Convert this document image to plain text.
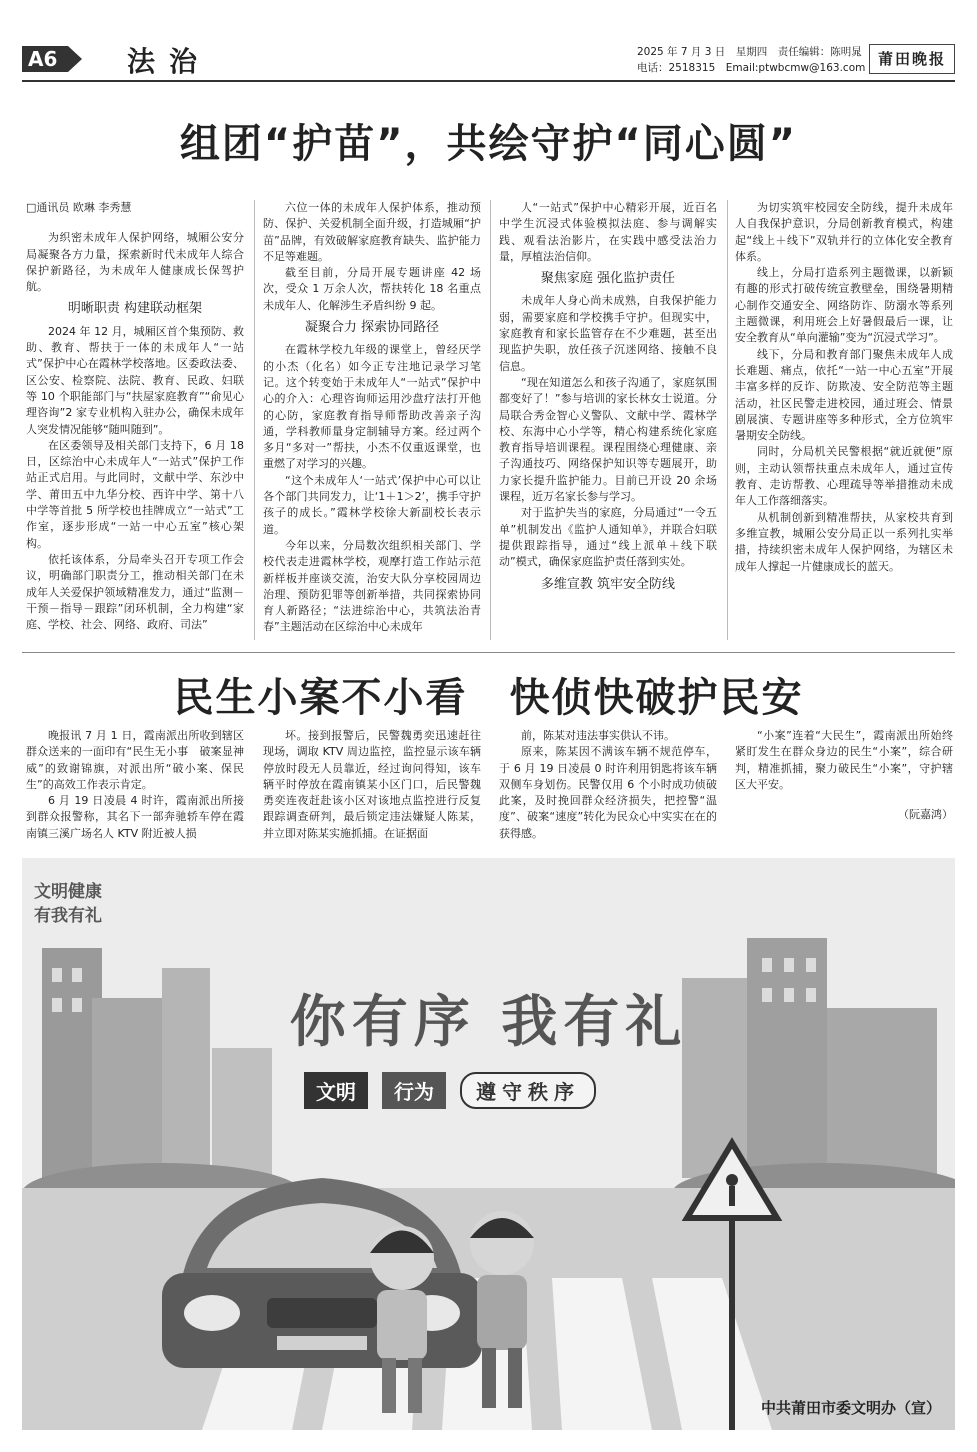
A6	法治	2025 年 7 月 3 日　星期四　责任编辑：陈明晁
电话：2518315　Email:ptwbcmw@163.com 莆田晚报
组团“护苗”，共绘守护“同心圆”

□通讯员 欧琳 李秀慧

为织密未成年人保护网络，城厢公安分局凝聚各方力量，探索新时代未成年人综合保护新路径，为未成年人健康成长保驾护航。

明晰职责 构建联动框架

2024 年 12 月，城厢区首个集预防、救助、教育、帮扶于一体的未成年人“一站式”保护中心在霞林学校落地。区委政法委、区公安、检察院、法院、教育、民政、妇联等 10 个职能部门与“扶屋家庭教育”“俞见心理咨询”2 家专业机构入驻办公，确保未成年人突发情况能够“随叫随到”。

在区委领导及相关部门支持下，6 月 18 日，区综治中心未成年人“一站式”保护工作站正式启用。与此同时，文献中学、东沙中学、莆田五中九华分校、西许中学、第十八中学等首批 5 所学校也挂牌成立“一站式”工作室，逐步形成“一站一中心五室”核心架构。

依托该体系，分局牵头召开专项工作会议，明确部门职责分工，推动相关部门在未成年人关爱保护领域精准发力，通过“监测－干预－指导－跟踪”闭环机制，全力构建“家庭、学校、社会、网络、政府、司法”

六位一体的未成年人保护体系，推动预防、保护、关爱机制全面升级，打造城厢“护苗”品牌，有效破解家庭教育缺失、监护能力不足等难题。

截至目前，分局开展专题讲座 42 场次，受众 1 万余人次，帮扶转化 18 名重点未成年人、化解涉生矛盾纠纷 9 起。

凝聚合力 探索协同路径

在霞林学校九年级的课堂上，曾经厌学的小杰（化名）如今正专注地记录学习笔记。这个转变始于未成年人“一站式”保护中心的介入：心理咨询师运用沙盘疗法打开他的心防，家庭教育指导师帮助改善亲子沟通，学科教师量身定制辅导方案。经过两个多月“多对一”帮扶，小杰不仅重返课堂，也重燃了对学习的兴趣。

“这个未成年人‘一站式’保护中心可以让各个部门共同发力，让‘1＋1＞2’，携手守护孩子的成长。”霞林学校徐大新副校长表示道。

今年以来，分局数次组织相关部门、学校代表走进霞林学校，观摩打造工作站示范新样板并座谈交流，治安大队分享校园周边治理、预防犯罪等创新举措，共同探索协同育人新路径；“法进综治中心，共筑法治青春”主题活动在区综治中心未成年

人“一站式”保护中心精彩开展，近百名中学生沉浸式体验模拟法庭、参与调解实践、观看法治影片，在实践中感受法治力量，厚植法治信仰。

聚焦家庭 强化监护责任

未成年人身心尚未成熟，自我保护能力弱，需要家庭和学校携手守护。但现实中，家庭教育和家长监管存在不少难题，甚至出现监护失职，放任孩子沉迷网络、接触不良信息。

“现在知道怎么和孩子沟通了，家庭氛围都变好了！”参与培训的家长林女士说道。分局联合秀金智心义警队、文献中学、霞林学校、东海中心小学等，精心构建系统化家庭教育指导培训课程。课程围绕心理健康、亲子沟通技巧、网络保护知识等专题展开，助力家长提升监护能力。目前已开设 20 余场课程，近万名家长参与学习。

对于监护失当的家庭，分局通过“一令五单”机制发出《监护人通知单》，并联合妇联提供跟踪指导，通过“线上派单＋线下联动”模式，确保家庭监护责任落到实处。

多维宣教 筑牢安全防线

为切实筑牢校园安全防线，提升未成年人自我保护意识，分局创新教育模式，构建起“线上＋线下”双轨并行的立体化安全教育体系。

线上，分局打造系列主题微课，以新颖有趣的形式打破传统宣教壁垒，围绕暑期精心制作交通安全、网络防诈、防溺水等系列主题微课，利用班会上好暑假最后一课，让安全教育从“单向灌输”变为“沉浸式学习”。

线下，分局和教育部门聚焦未成年人成长难题、痛点，依托“一站一中心五室”开展丰富多样的反诈、防欺凌、安全防范等主题活动，社区民警走进校园，通过班会、情景剧展演、专题讲座等多种形式，全方位筑牢暑期安全防线。

同时，分局机关民警根据“就近就便”原则，主动认领帮扶重点未成年人，通过宣传教育、走访帮教、心理疏导等举措推动未成年人工作落细落实。

从机制创新到精准帮扶，从家校共育到多维宣教，城厢公安分局正以一系列扎实举措，持续织密未成年人保护网络，为辖区未成年人撑起一片健康成长的蓝天。

民生小案不小看　快侦快破护民安

晚报讯 7 月 1 日，霞南派出所收到辖区群众送来的一面印有“民生无小事　破案显神威”的致谢锦旗，对派出所“破小案、保民生”的高效工作表示肯定。

6 月 19 日凌晨 4 时许，霞南派出所接到群众报警称，其名下一部奔驰轿车停在霞南镇三溪广场名人 KTV 附近被人损

坏。接到报警后，民警魏勇奕迅速赶往现场，调取 KTV 周边监控，监控显示该车辆停放时段无人员靠近，经过询问得知，该车辆平时停放在霞南镇某小区门口，后民警魏勇奕连夜赶赴该小区对该地点监控进行反复跟踪调查研判，最后锁定违法嫌疑人陈某，并立即对陈某实施抓捕。在证据面

前，陈某对违法事实供认不讳。

原来，陈某因不满该车辆不规范停车，于 6 月 19 日凌晨 0 时许利用钥匙将该车辆双侧车身划伤。民警仅用 6 个小时成功侦破此案，及时挽回群众经济损失，把控警“温度”、破案“速度”转化为民众心中实实在在的获得感。

“小案”连着“大民生”，霞南派出所始终紧盯发生在群众身边的民生“小案”，综合研判，精准抓捕，聚力破民生“小案”，守护辖区大平安。

（阮嘉鸿）

文明健康
有我有礼
你有序 我有礼
文明	行为	遵守秩序
中共莆田市委文明办（宣）
